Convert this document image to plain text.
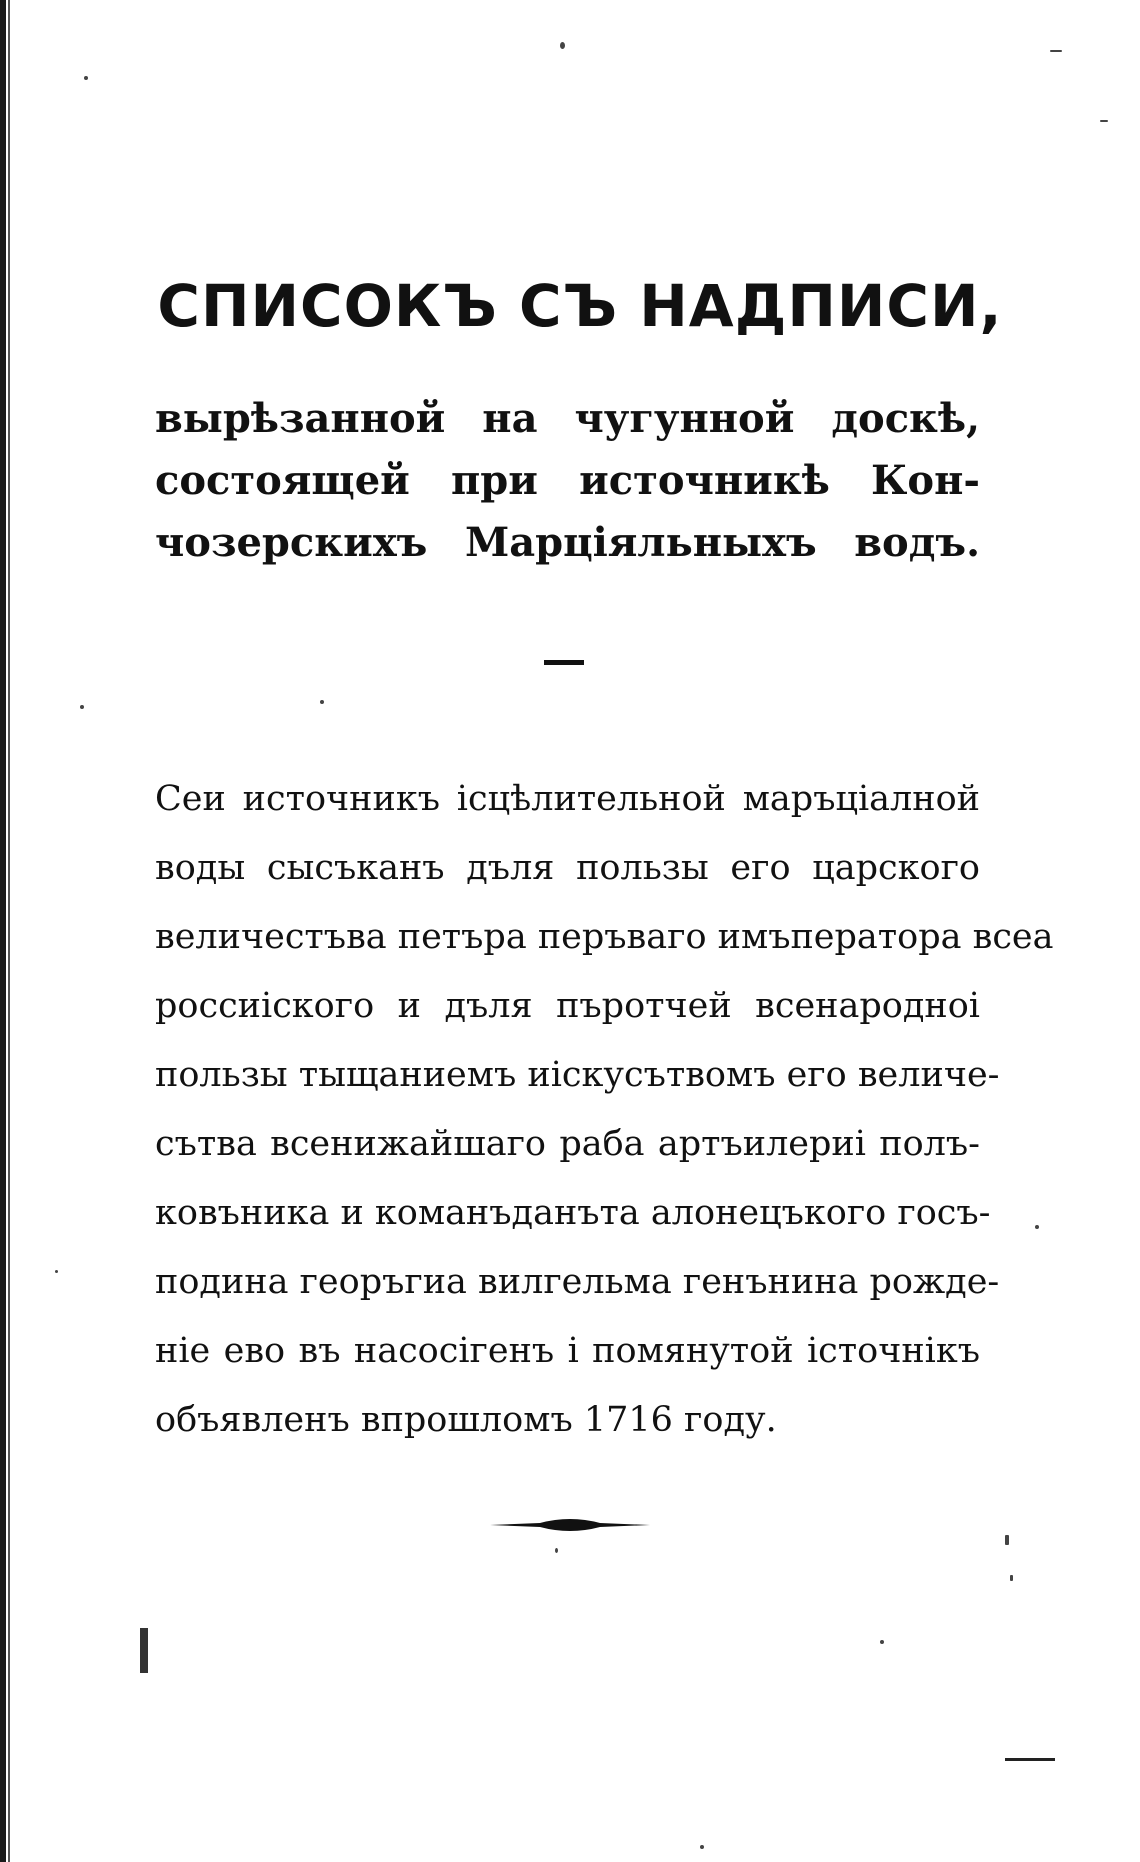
СПИСОКЪ СЪ НАДПИСИ,
вырѣзанной на чугунной доскѣ,
состоящей при источникѣ Кон-
чозерскихъ Марціяльныхъ водъ.
Сеи источникъ ісцѣлительной маръціалной
воды сысъканъ дъля пользы его царского
величестъва петъра перъваго имъператора всеа
россиіского и дъля пъротчей всенародноі
пользы тыщаниемъ иіскусътвомъ его величе-
сътва всенижайшаго раба артъилериі полъ-
ковъника и команъданъта алонецъкого госъ-
подина георъгиа вилгельма генънина рожде-
ніе ево въ насосігенъ і помянутой істочнікъ
объявленъ впрошломъ 1716 году.
